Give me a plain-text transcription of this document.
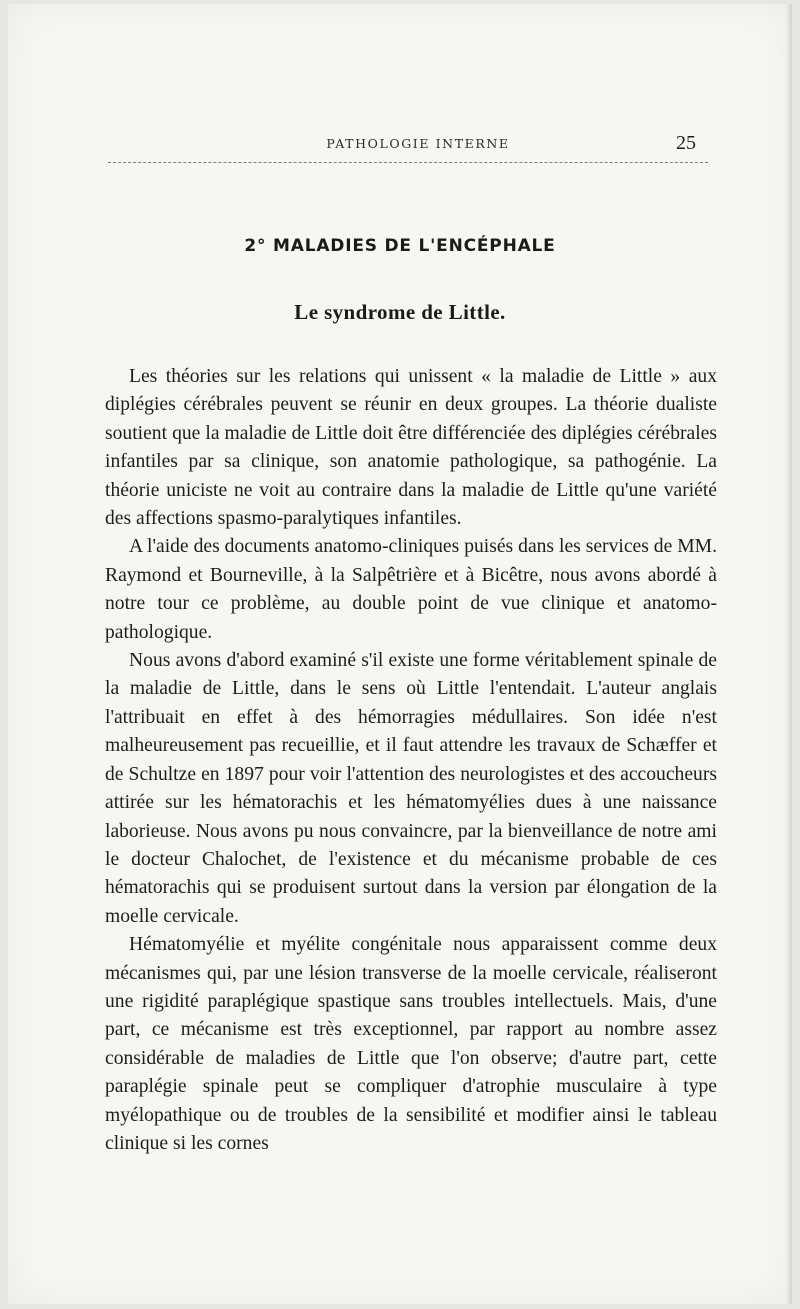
PATHOLOGIE INTERNE	25
2° MALADIES DE L'ENCÉPHALE
Le syndrome de Little.

Les théories sur les relations qui unissent « la maladie de Little » aux diplégies cérébrales peuvent se réunir en deux groupes. La théorie dualiste soutient que la maladie de Little doit être différenciée des diplégies cérébrales infantiles par sa clinique, son anatomie pathologique, sa pathogénie. La théorie uniciste ne voit au contraire dans la maladie de Little qu'une variété des affections spasmo-paralytiques infantiles.

A l'aide des documents anatomo-cliniques puisés dans les services de MM. Raymond et Bourneville, à la Salpêtrière et à Bicêtre, nous avons abordé à notre tour ce problème, au double point de vue clinique et anatomo-pathologique.

Nous avons d'abord examiné s'il existe une forme véritablement spinale de la maladie de Little, dans le sens où Little l'entendait. L'auteur anglais l'attribuait en effet à des hémorragies médullaires. Son idée n'est malheureusement pas recueillie, et il faut attendre les travaux de Schæffer et de Schultze en 1897 pour voir l'attention des neurologistes et des accoucheurs attirée sur les hématorachis et les hématomyélies dues à une naissance laborieuse. Nous avons pu nous convaincre, par la bienveillance de notre ami le docteur Chalochet, de l'existence et du mécanisme probable de ces hématorachis qui se produisent surtout dans la version par élongation de la moelle cervicale.

Hématomyélie et myélite congénitale nous apparaissent comme deux mécanismes qui, par une lésion transverse de la moelle cervicale, réaliseront une rigidité paraplégique spastique sans troubles intellectuels. Mais, d'une part, ce mécanisme est très exceptionnel, par rapport au nombre assez considérable de maladies de Little que l'on observe; d'autre part, cette paraplégie spinale peut se compliquer d'atrophie musculaire à type myélopathique ou de troubles de la sensibilité et modifier ainsi le tableau clinique si les cornes
